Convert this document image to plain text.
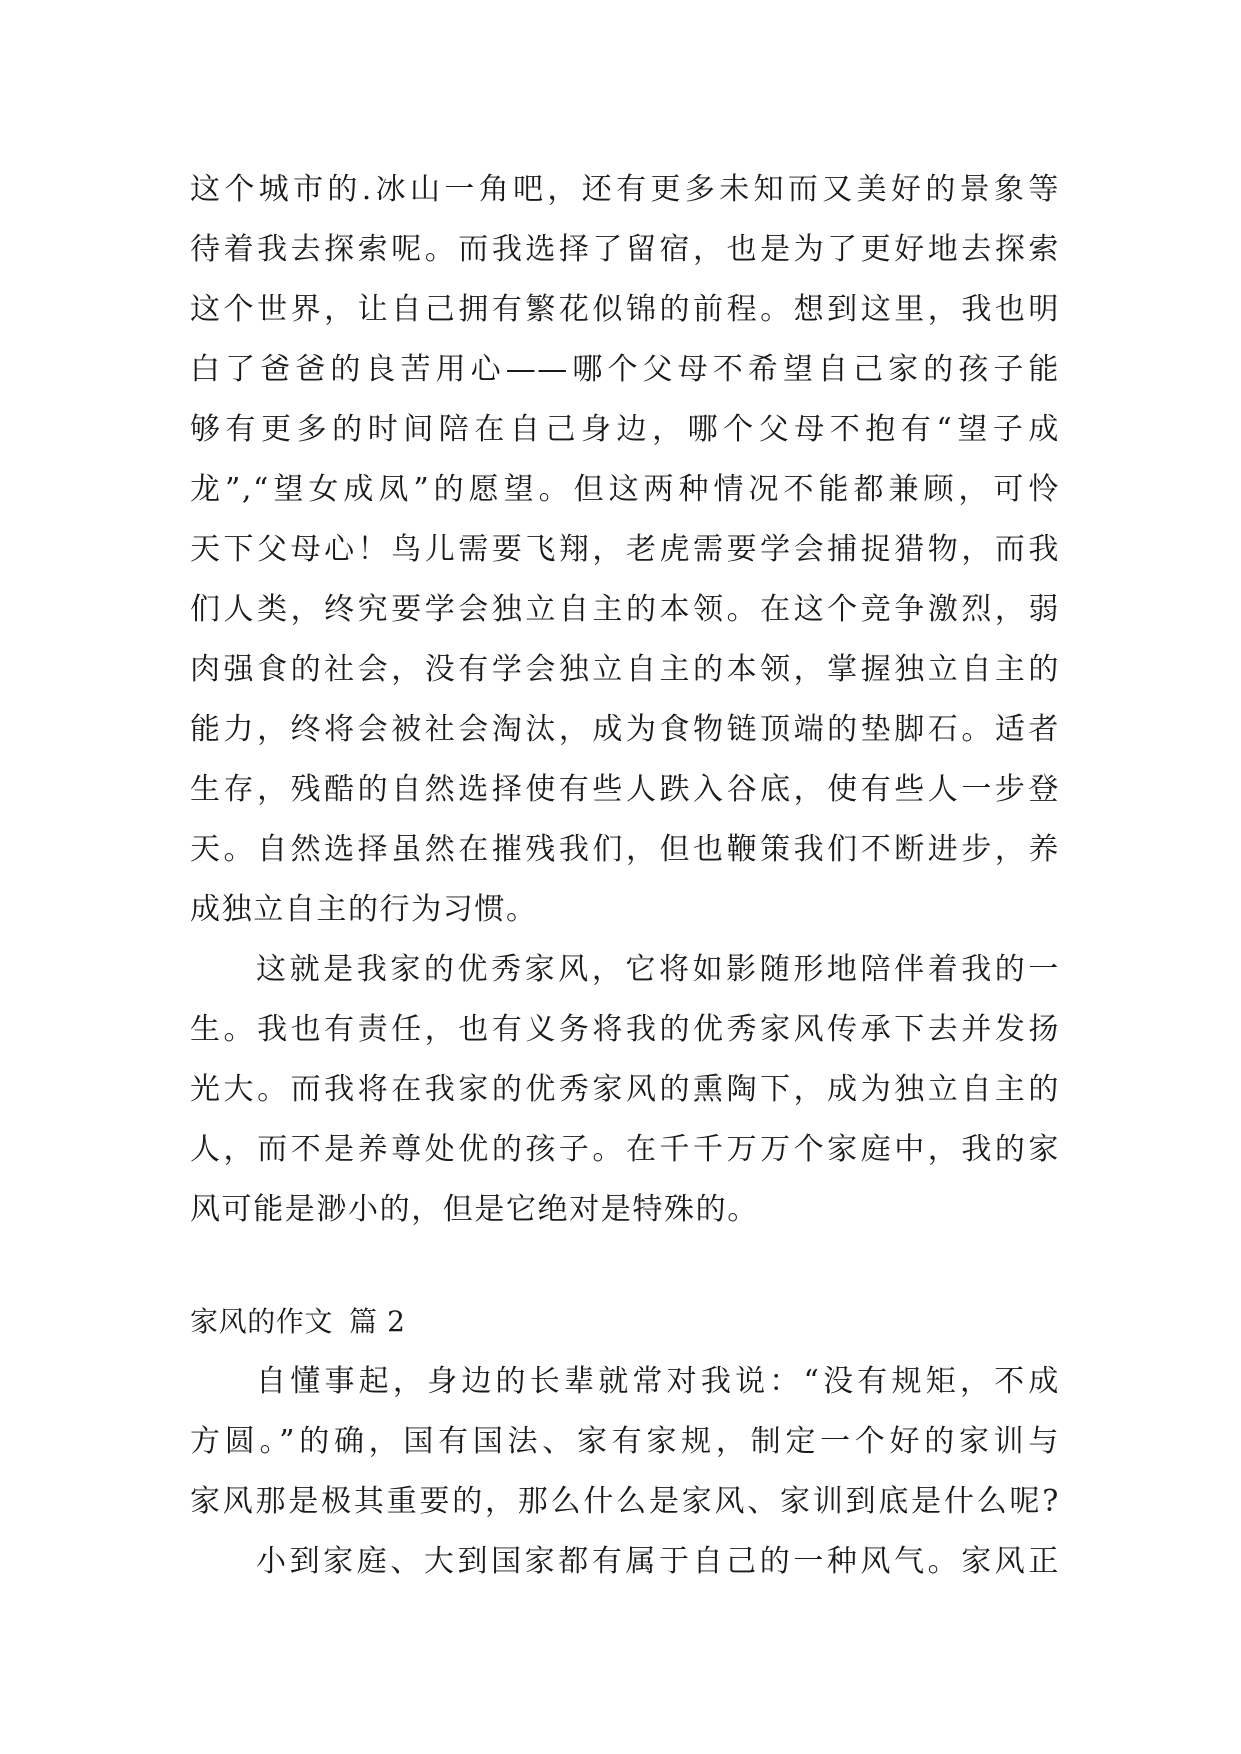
这个城市的.冰山一角吧，还有更多未知而又美好的景象等
待着我去探索呢。而我选择了留宿，也是为了更好地去探索
这个世界，让自己拥有繁花似锦的前程。想到这里，我也明
白了爸爸的良苦用心——哪个父母不希望自己家的孩子能
够有更多的时间陪在自己身边，哪个父母不抱有“望子成
龙”,“望女成凤”的愿望。但这两种情况不能都兼顾，可怜
天下父母心！鸟儿需要飞翔，老虎需要学会捕捉猎物，而我
们人类，终究要学会独立自主的本领。在这个竞争激烈，弱
肉强食的社会，没有学会独立自主的本领，掌握独立自主的
能力，终将会被社会淘汰，成为食物链顶端的垫脚石。适者
生存，残酷的自然选择使有些人跌入谷底，使有些人一步登
天。自然选择虽然在摧残我们，但也鞭策我们不断进步，养
成独立自主的行为习惯。
这就是我家的优秀家风，它将如影随形地陪伴着我的一
生。我也有责任，也有义务将我的优秀家风传承下去并发扬
光大。而我将在我家的优秀家风的熏陶下，成为独立自主的
人，而不是养尊处优的孩子。在千千万万个家庭中，我的家
风可能是渺小的，但是它绝对是特殊的。
家风的作文 篇 2
自懂事起，身边的长辈就常对我说：“没有规矩，不成
方圆。”的确，国有国法、家有家规，制定一个好的家训与
家风那是极其重要的，那么什么是家风、家训到底是什么呢?
小到家庭、大到国家都有属于自己的一种风气。家风正
